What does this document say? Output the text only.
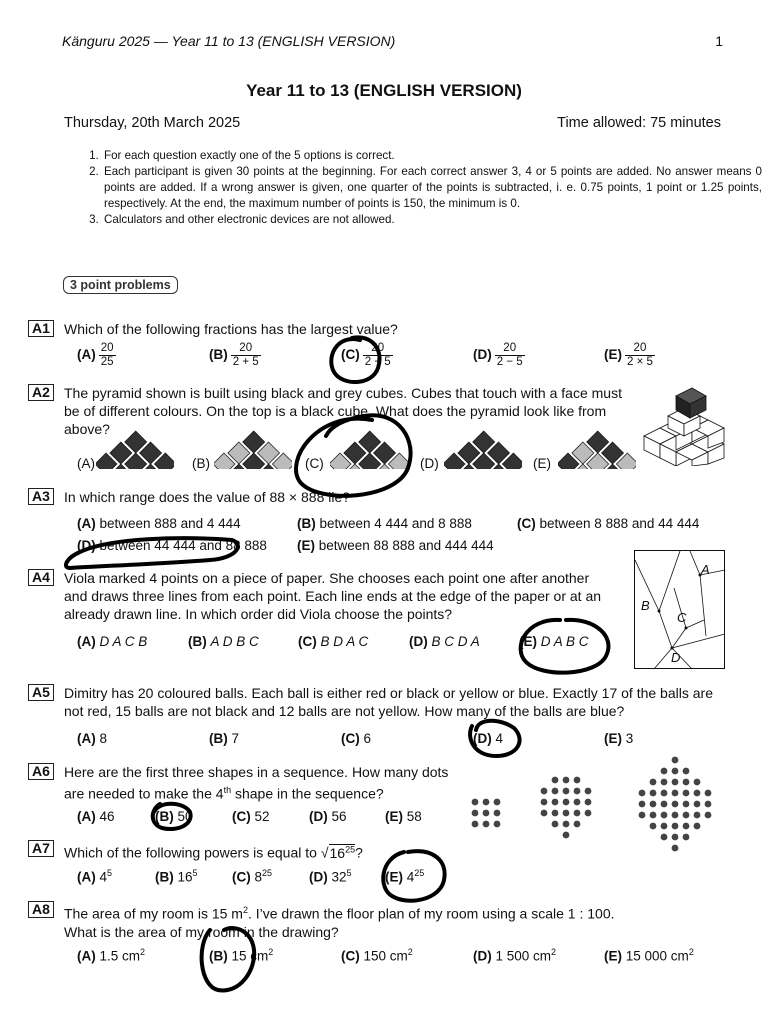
Känguru 2025 — Year 11 to 13 (ENGLISH VERSION)	1
Year 11 to 13 (ENGLISH VERSION)
Thursday, 20th March 2025	Time allowed: 75 minutes
1. For each question exactly one of the 5 options is correct.
2. Each participant is given 30 points at the beginning. For each correct answer 3, 4 or 5 points are added. No answer means 0 points are added. If a wrong answer is given, one quarter of the points is subtracted, i. e. 0.75 points, 1 point or 1.25 points, respectively. At the end, the maximum number of points is 150, the minimum is 0.
3. Calculators and other electronic devices are not allowed.
3 point problems
A1 Which of the following fractions has the largest value?
$(A) \frac{20}{25}$	$(B) \frac{20}{2 + 5}$	$(C) \frac{20}{2 + 5}$	$(D) \frac{20}{2 - 5}$	$(E) \frac{20}{2 \times 5}$
A2 The pyramid shown is built using black and grey cubes. Cubes that touch with a face must be of different colours. On the top is a black cube. What does the pyramid look like from above?
(A)	(B)	(C)	(D)	(E)
A3 In which range does the value of 88 × 888 lie?
(A) between 888 and 4 444	(B) between 4 444 and 8 888	(C) between 8 888 and 44 444
(D) between 44 444 and 88 888 (E) between 88 888 and 444 444
A4 Viola marked 4 points on a piece of paper. She chooses each point one after another and draws three lines from each point. Each line ends at the edge of the paper or at an already drawn line. In which order did Viola choose the points?
(A) D A C B	(B) A D B C	(C) B D A C	(D) B C D A	(E) D A B C
A
B
C
D
A5 Dimitry has 20 coloured balls. Each ball is either red or black or yellow or blue. Exactly 17 of the balls are not red, 15 balls are not black and 12 balls are not yellow. How many of the balls are blue?
(A) 8	(B) 7	(C) 6	(D) 4	(E) 3
A6 Here are the first three shapes in a sequence. How many dots are needed to make the 4th shape in the sequence?
(A) 46	(B) 50	(C) 52	(D) 56	(E) 58
A7 Which of the following powers is equal to $√16^{25}$?
(A) $4^5$	(B) $16^5$	(C) $8^{25}$	(D) $32^5$ (E) $4^{25}$
A8 The area of my room is 15 $m^2$. I’ve drawn the floor plan of my room using a scale 1 : 100.
What is the area of my room in the drawing?
(A) 1.5 $cm^2$	(B) 15 $cm^2$	(C) 150 $cm^2$	(D) 1 500 $cm^2$	(E) 15 000 $cm^2$
